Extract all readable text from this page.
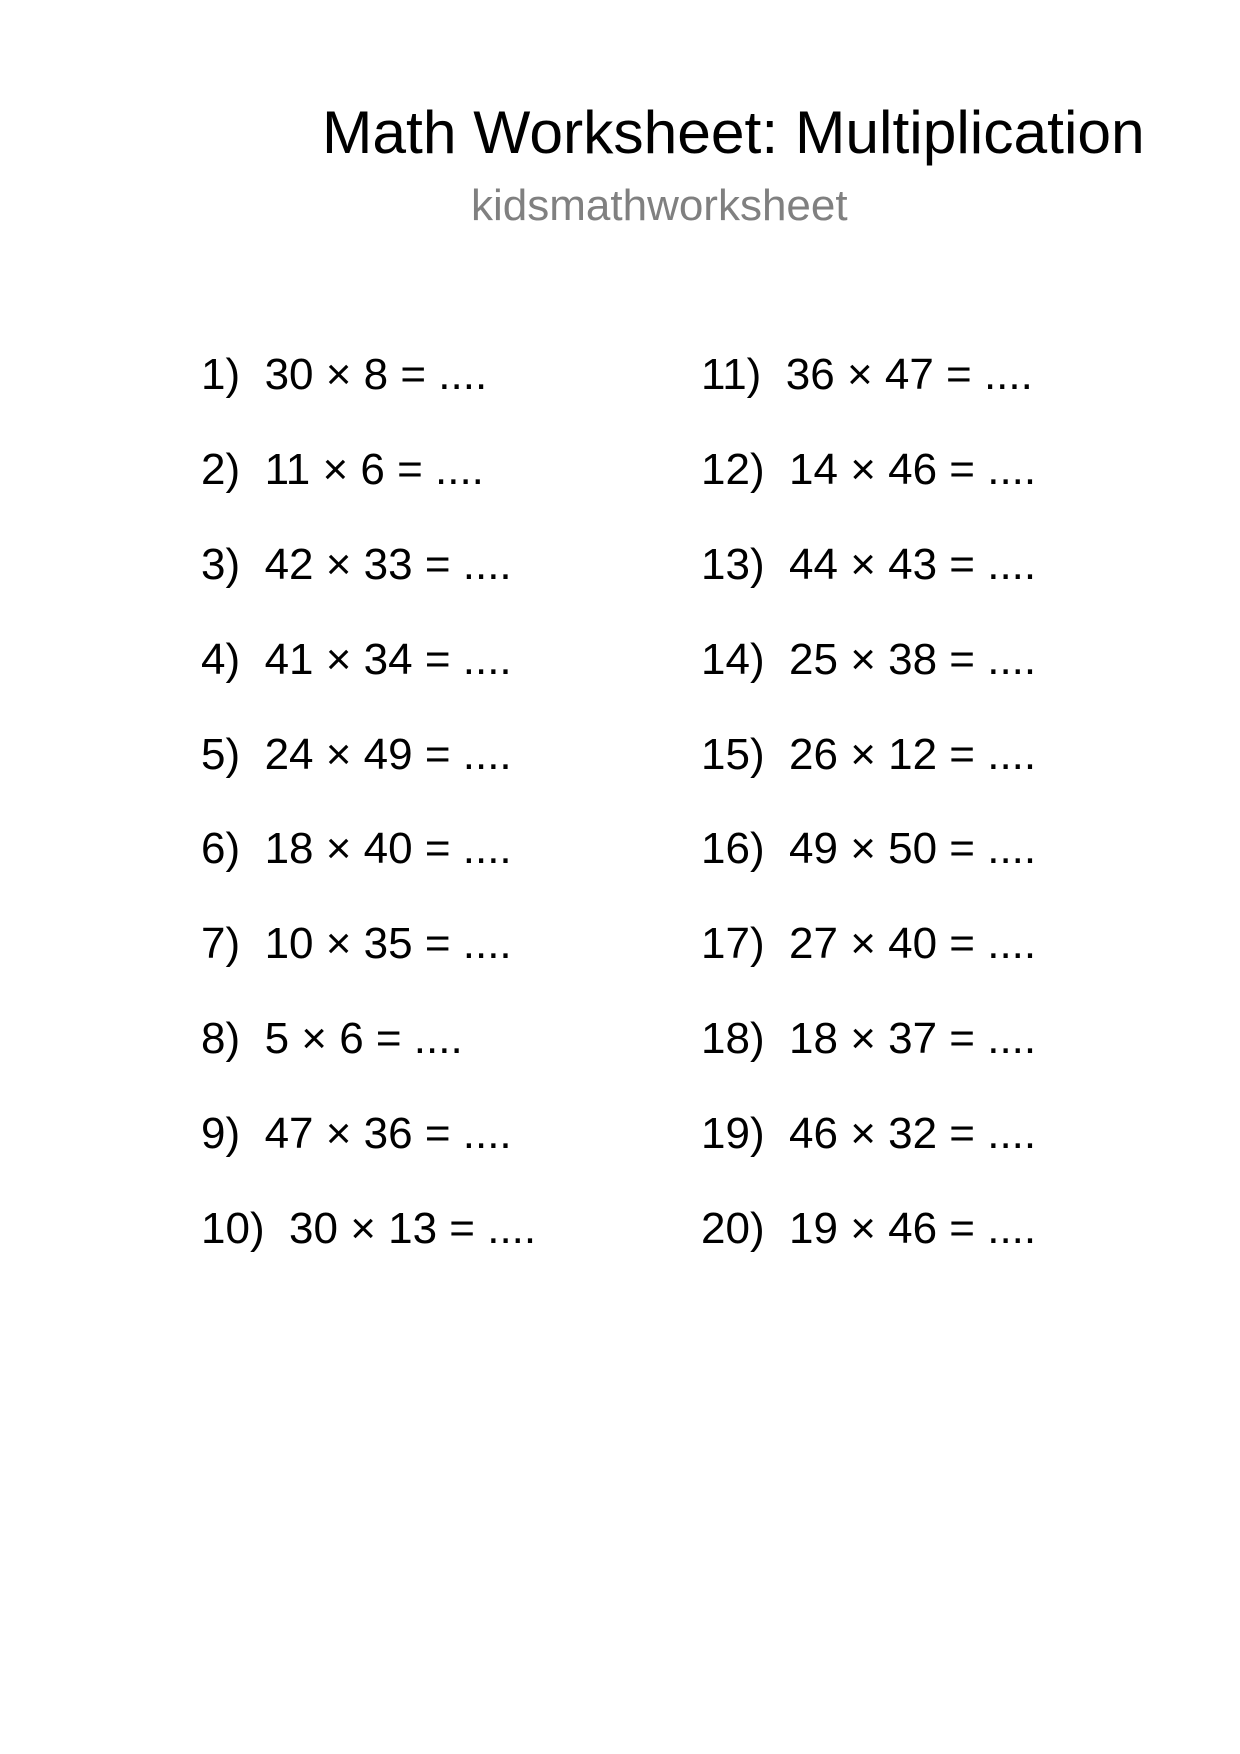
Math Worksheet: Multiplication
kidsmathworksheet
1)  30 × 8 = ....
2)  11 × 6 = ....
3)  42 × 33 = ....
4)  41 × 34 = ....
5)  24 × 49 = ....
6)  18 × 40 = ....
7)  10 × 35 = ....
8)  5 × 6 = ....
9)  47 × 36 = ....
10)  30 × 13 = ....
11)  36 × 47 = ....
12)  14 × 46 = ....
13)  44 × 43 = ....
14)  25 × 38 = ....
15)  26 × 12 = ....
16)  49 × 50 = ....
17)  27 × 40 = ....
18)  18 × 37 = ....
19)  46 × 32 = ....
20)  19 × 46 = ....
